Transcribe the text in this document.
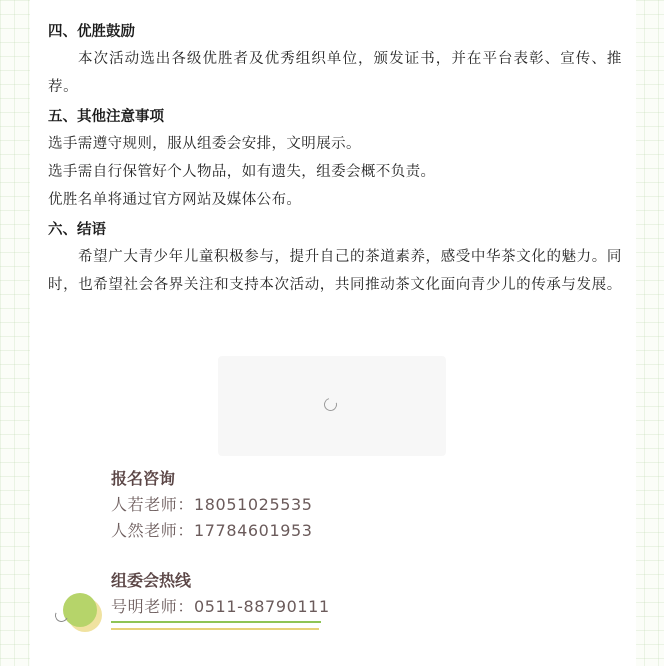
四、优胜鼓励

本次活动选出各级优胜者及优秀组织单位，颁发证书，并在平台表彰、宣传、推荐。

五、其他注意事项

选手需遵守规则，服从组委会安排，文明展示。

选手需自行保管好个人物品，如有遗失，组委会概不负责。

优胜名单将通过官方网站及媒体公布。

六、结语

希望广大青少年儿童积极参与，提升自己的茶道素养，感受中华茶文化的魅力。同时，也希望社会各界关注和支持本次活动，共同推动茶文化面向青少儿的传承与发展。

报名咨询

人若老师：18051025535

人然老师：17784601953

组委会热线

号明老师：0511-88790111
